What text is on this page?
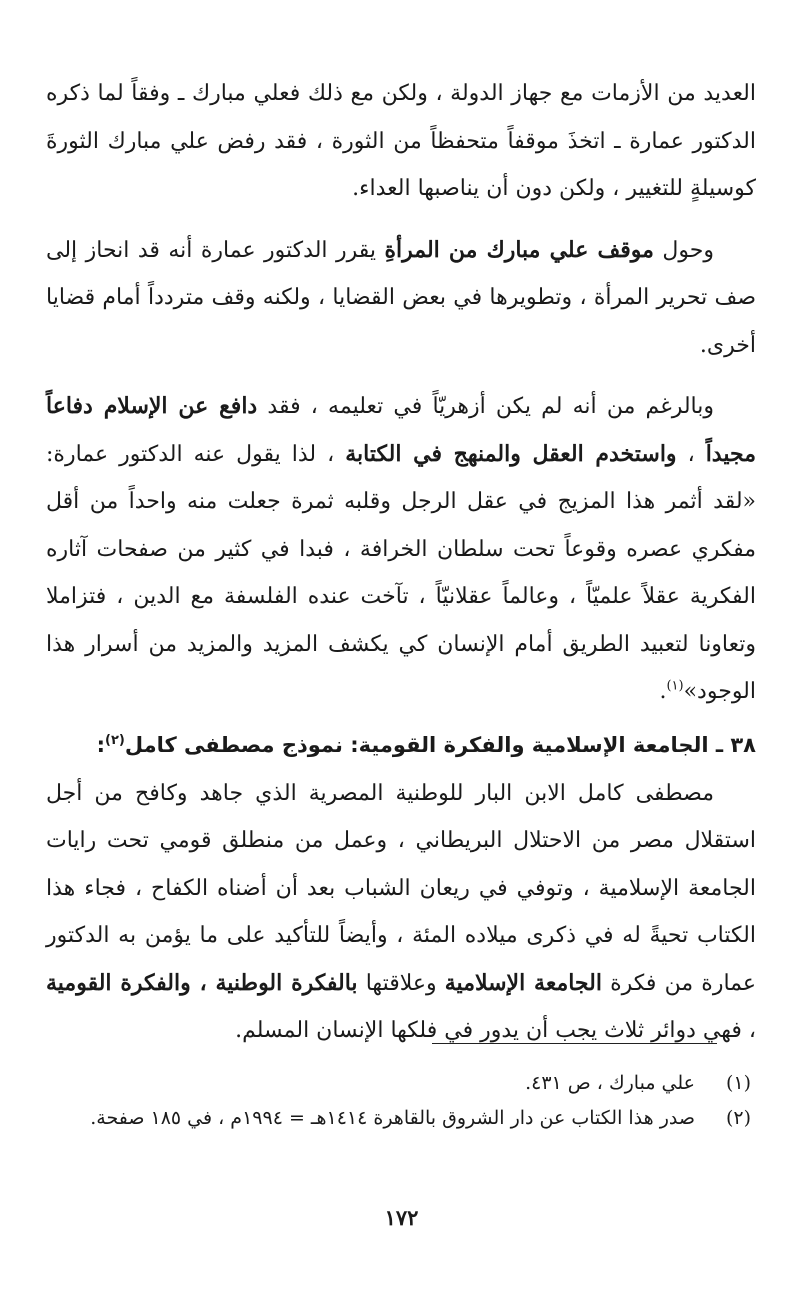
العديد من الأزمات مع جهاز الدولة ، ولكن مع ذلك فعلي مبارك ـ وفقاً لما ذكره الدكتور عمارة ـ اتخذَ موقفاً متحفظاً من الثورة ، فقد رفض علي مبارك الثورةَ كوسيلةٍ للتغيير ، ولكن دون أن يناصبها العداء.

وحول موقف علي مبارك من المرأةِ يقرر الدكتور عمارة أنه قد انحاز إلى صف تحرير المرأة ، وتطويرها في بعض القضايا ، ولكنه وقف متردداً أمام قضايا أخرى.

وبالرغم من أنه لم يكن أزهريّاً في تعليمه ، فقد دافع عن الإسلام دفاعاً مجيداً ، واستخدم العقل والمنهج في الكتابة ، لذا يقول عنه الدكتور عمارة: «لقد أثمر هذا المزيج في عقل الرجل وقلبه ثمرة جعلت منه واحداً من أقل مفكري عصره وقوعاً تحت سلطان الخرافة ، فبدا في كثير من صفحات آثاره الفكرية عقلاً علميّاً ، وعالماً عقلانيّاً ، تآخت عنده الفلسفة مع الدين ، فتزاملا وتعاونا لتعبيد الطريق أمام الإنسان كي يكشف المزيد والمزيد من أسرار هذا الوجود»$^{(١)}$.

٣٨ ـ الجامعة الإسلامية والفكرة القومية: نموذج مصطفى كامل$^{(٢)}$:

مصطفى كامل الابن البار للوطنية المصرية الذي جاهد وكافح من أجل استقلال مصر من الاحتلال البريطاني ، وعمل من منطلق قومي تحت رايات الجامعة الإسلامية ، وتوفي في ريعان الشباب بعد أن أضناه الكفاح ، فجاء هذا الكتاب تحيةً له في ذكرى ميلاده المئة ، وأيضاً للتأكيد على ما يؤمن به الدكتور عمارة من فكرة الجامعة الإسلامية وعلاقتها بالفكرة الوطنية ، والفكرة القومية ، فهي دوائر ثلاث يجب أن يدور في فلكها الإنسان المسلم.

(١)
علي مبارك ، ص ٤٣١.
(٢)
صدر هذا الكتاب عن دار الشروق بالقاهرة ١٤١٤هـ = ١٩٩٤م ، في ١٨٥ صفحة.
١٧٢
